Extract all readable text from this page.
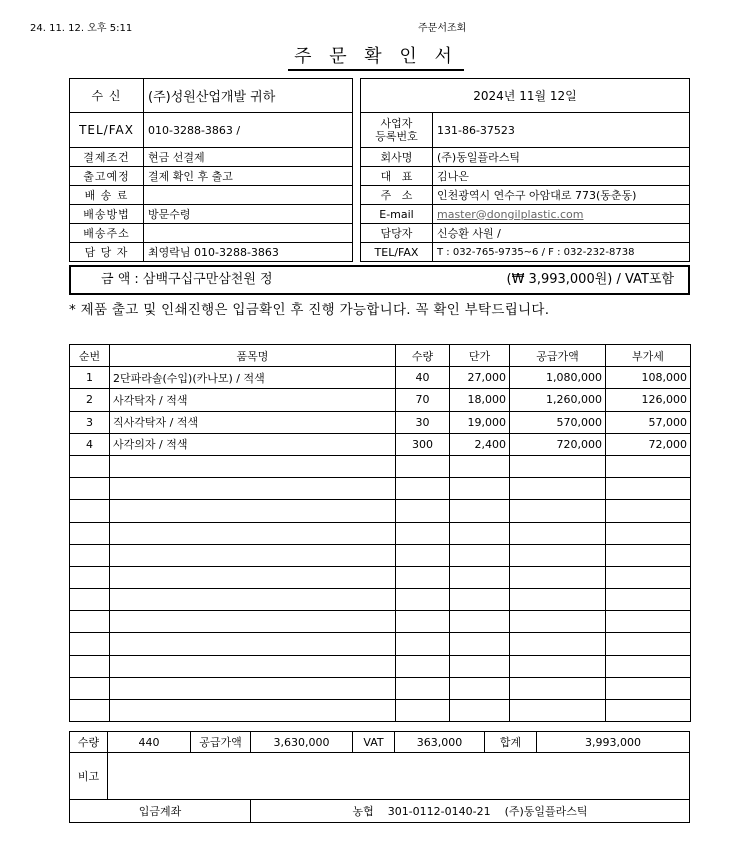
24. 11. 12. 오후 5:11	주문서조회
주 문 확 인 서
수 신	(주)성원산업개발 귀하
TEL/FAX	010-3288-3863 /
결제조건	현금 선결제
출고예정	결제 확인 후 출고
배 송 료	
배송방법	방문수령
배송주소	
담 당 자	최영락님 010-3288-3863
2024년 11월 12일	
사업자
등록번호	131-86-37523
회사명	(주)동일플라스틱
대   표	김나은
주   소	인천광역시 연수구 아암대로 773(동춘동)
E-mail	master@dongilplastic.com
담당자	신승환 사원 /
TEL/FAX	T : 032-765-9735~6 / F : 032-232-8738
금 액 : 삼백구십구만삼천원 정	(₩ 3,993,000원) / VAT포함
* 제품 출고 및 인쇄진행은 입금확인 후 진행 가능합니다. 꼭 확인 부탁드립니다.
순번	품목명	수량	단가	공급가액	부가세
1	2단파라솔(수입)(카나모) / 적색	40	27,000	1,080,000	108,000
2	사각탁자 / 적색	70	18,000	1,260,000	126,000
3	직사각탁자 / 적색	30	19,000	570,000	57,000
4	사각의자 / 적색	300	2,400	720,000	72,000

수량	440	공급가액	3,630,000	VAT	363,000	합계	3,993,000
비고							
입금계좌			농협    301-0112-0140-21    (주)동일플라스틱				
